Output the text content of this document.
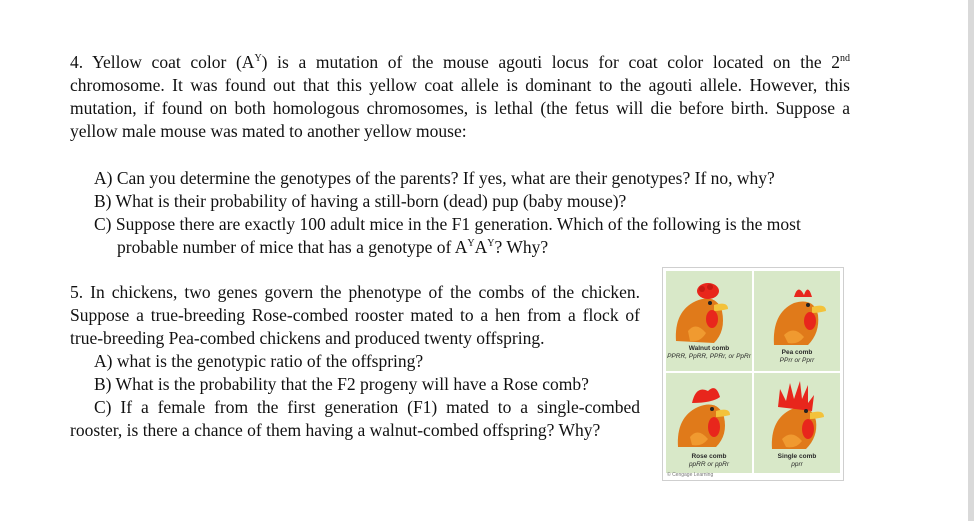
4. Yellow coat color $(A^Y)$ is a mutation of the mouse agouti locus for coat color located on the 2nd
chromosome. It was found out that this yellow coat allele is dominant to the agouti allele. However, this
mutation, if found on both homologous chromosomes, is lethal (the fetus will die before birth. Suppose a
yellow male mouse was mated to another yellow mouse:
A) Can you determine the genotypes of the parents? If yes, what are their genotypes? If no, why?
B) What is their probability of having a still-born (dead) pup (baby mouse)?
C) Suppose there are exactly 100 adult mice in the F1 generation. Which of the following is the most
probable number of mice that has a genotype of $A^YA^Y$? Why?
5. In chickens, two genes govern the phenotype of the combs of the chicken.
Suppose a true-breeding Rose-combed rooster mated to a hen from a flock of
true-breeding Pea-combed chickens and produced twenty offspring.
A) what is the genotypic ratio of the offspring?
B) What is the probability that the F2 progeny will have a Rose comb?
C) If a female from the first generation (F1) mated to a single-combed
rooster, is there a chance of them having a walnut-combed offspring? Why?
Walnut comb
PPRR, PpRR, PPRr, or PpRr	Pea comb
PPrr or Pprr
Rose comb
ppRR or ppRr
Single comb
pprr
© Cengage Learning
